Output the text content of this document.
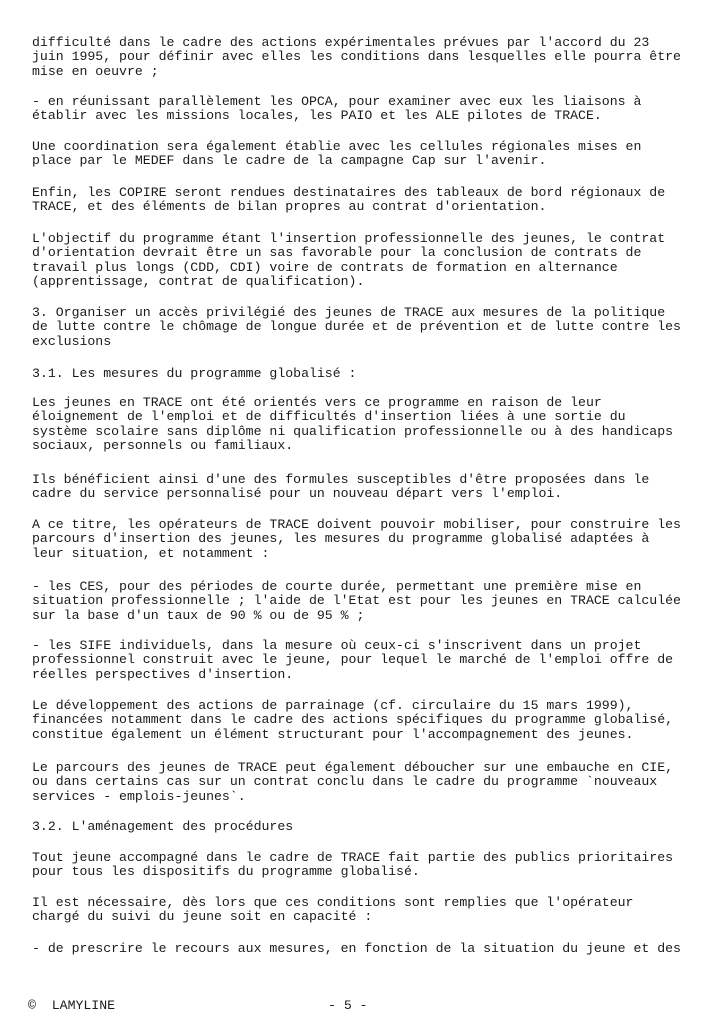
difficulté dans le cadre des actions expérimentales prévues par l'accord du 23
juin 1995, pour définir avec elles les conditions dans lesquelles elle pourra être
mise en oeuvre ;
- en réunissant parallèlement les OPCA, pour examiner avec eux les liaisons à
établir avec les missions locales, les PAIO et les ALE pilotes de TRACE.
Une coordination sera également établie avec les cellules régionales mises en
place par le MEDEF dans le cadre de la campagne Cap sur l'avenir.
Enfin, les COPIRE seront rendues destinataires des tableaux de bord régionaux de
TRACE, et des éléments de bilan propres au contrat d'orientation.
L'objectif du programme étant l'insertion professionnelle des jeunes, le contrat
d'orientation devrait être un sas favorable pour la conclusion de contrats de
travail plus longs (CDD, CDI) voire de contrats de formation en alternance
(apprentissage, contrat de qualification).
3. Organiser un accès privilégié des jeunes de TRACE aux mesures de la politique
de lutte contre le chômage de longue durée et de prévention et de lutte contre les
exclusions
3.1. Les mesures du programme globalisé :
Les jeunes en TRACE ont été orientés vers ce programme en raison de leur
éloignement de l'emploi et de difficultés d'insertion liées à une sortie du
système scolaire sans diplôme ni qualification professionnelle ou à des handicaps
sociaux, personnels ou familiaux.
Ils bénéficient ainsi d'une des formules susceptibles d'être proposées dans le
cadre du service personnalisé pour un nouveau départ vers l'emploi.
A ce titre, les opérateurs de TRACE doivent pouvoir mobiliser, pour construire les
parcours d'insertion des jeunes, les mesures du programme globalisé adaptées à
leur situation, et notamment :
- les CES, pour des périodes de courte durée, permettant une première mise en
situation professionnelle ; l'aide de l'Etat est pour les jeunes en TRACE calculée
sur la base d'un taux de 90 % ou de 95 % ;
- les SIFE individuels, dans la mesure où ceux-ci s'inscrivent dans un projet
professionnel construit avec le jeune, pour lequel le marché de l'emploi offre de
réelles perspectives d'insertion.
Le développement des actions de parrainage (cf. circulaire du 15 mars 1999),
financées notamment dans le cadre des actions spécifiques du programme globalisé,
constitue également un élément structurant pour l'accompagnement des jeunes.
Le parcours des jeunes de TRACE peut également déboucher sur une embauche en CIE,
ou dans certains cas sur un contrat conclu dans le cadre du programme `nouveaux
services - emplois-jeunes`.
3.2. L'aménagement des procédures
Tout jeune accompagné dans le cadre de TRACE fait partie des publics prioritaires
pour tous les dispositifs du programme globalisé.
Il est nécessaire, dès lors que ces conditions sont remplies que l'opérateur
chargé du suivi du jeune soit en capacité :
- de prescrire le recours aux mesures, en fonction de la situation du jeune et des
©  LAMYLINE	- 5 -
